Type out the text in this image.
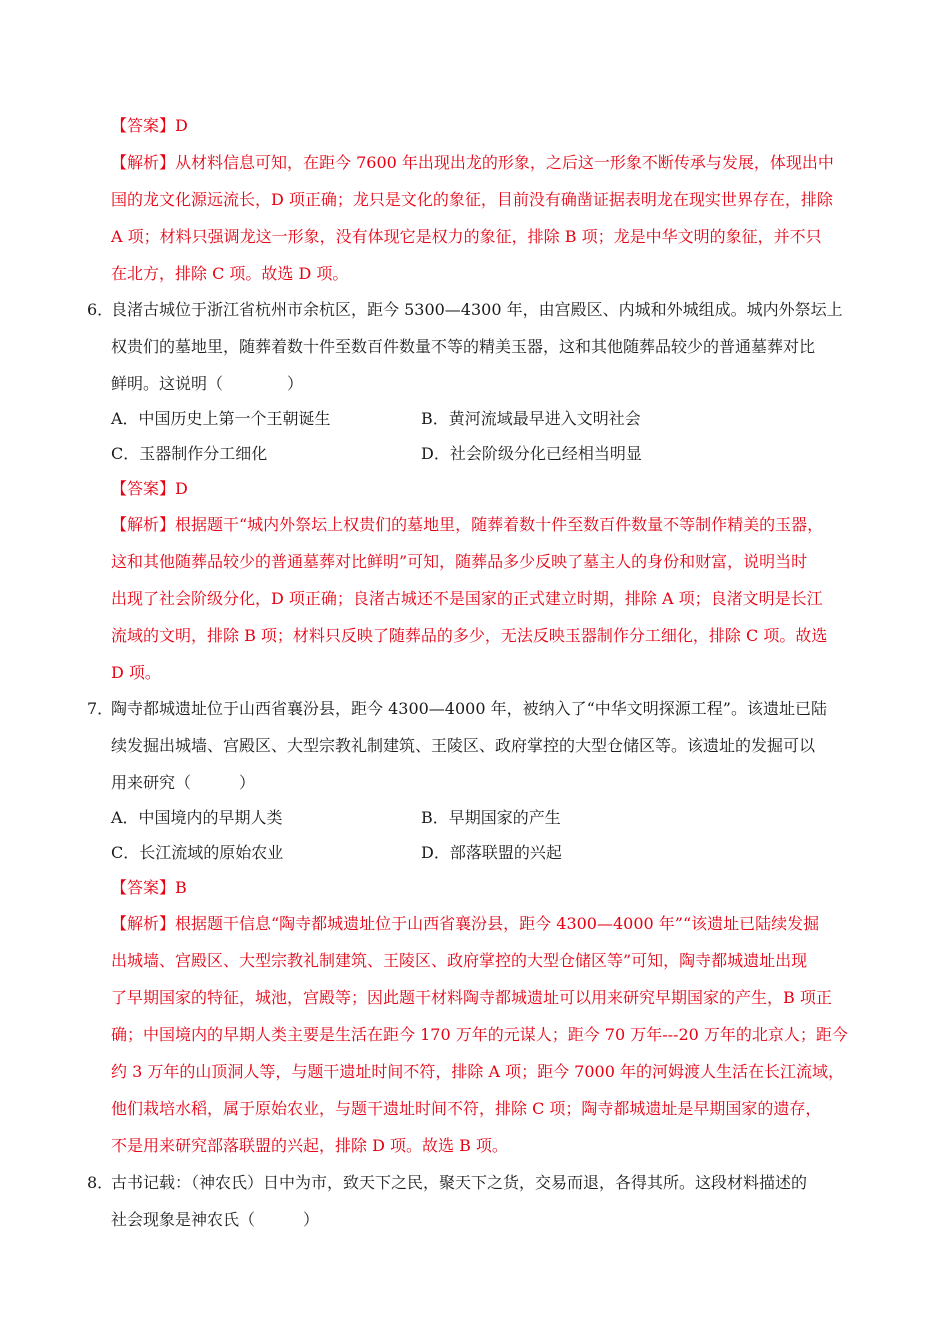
【答案】D
【解析】从材料信息可知，在距今 7600 年出现出龙的形象，之后这一形象不断传承与发展，体现出中
国的龙文化源远流长，D 项正确；龙只是文化的象征，目前没有确凿证据表明龙在现实世界存在，排除
A 项；材料只强调龙这一形象，没有体现它是权力的象征，排除 B 项；龙是中华文明的象征，并不只
在北方，排除 C 项。故选 D 项。
6．
良渚古城位于浙江省杭州市余杭区，距今 5300—4300 年，由宫殿区、内城和外城组成。城内外祭坛上
权贵们的墓地里，随葬着数十件至数百件数量不等的精美玉器，这和其他随葬品较少的普通墓葬对比
鲜明。这说明（　　　　）
A．中国历史上第一个王朝诞生	B．黄河流域最早进入文明社会
C．玉器制作分工细化	D．社会阶级分化已经相当明显
【答案】D
【解析】根据题干“城内外祭坛上权贵们的墓地里，随葬着数十件至数百件数量不等制作精美的玉器，
这和其他随葬品较少的普通墓葬对比鲜明”可知，随葬品多少反映了墓主人的身份和财富，说明当时
出现了社会阶级分化，D 项正确；良渚古城还不是国家的正式建立时期，排除 A 项；良渚文明是长江
流域的文明，排除 B 项；材料只反映了随葬品的多少，无法反映玉器制作分工细化，排除 C 项。故选
D 项。
7．
陶寺都城遗址位于山西省襄汾县，距今 4300—4000 年，被纳入了“中华文明探源工程”。该遗址已陆
续发掘出城墙、宫殿区、大型宗教礼制建筑、王陵区、政府掌控的大型仓储区等。该遗址的发掘可以
用来研究（　　　）
A．中国境内的早期人类	B．早期国家的产生
C．长江流域的原始农业	D．部落联盟的兴起
【答案】B
【解析】根据题干信息“陶寺都城遗址位于山西省襄汾县，距今 4300—4000 年”“该遗址已陆续发掘
出城墙、宫殿区、大型宗教礼制建筑、王陵区、政府掌控的大型仓储区等”可知，陶寺都城遗址出现
了早期国家的特征，城池，宫殿等；因此题干材料陶寺都城遗址可以用来研究早期国家的产生，B 项正
确；中国境内的早期人类主要是生活在距今 170 万年的元谋人；距今 70 万年---20 万年的北京人；距今
约 3 万年的山顶洞人等，与题干遗址时间不符，排除 A 项；距今 7000 年的河姆渡人生活在长江流域，
他们栽培水稻，属于原始农业，与题干遗址时间不符，排除 C 项；陶寺都城遗址是早期国家的遗存，
不是用来研究部落联盟的兴起，排除 D 项。故选 B 项。
8．
古书记载：（神农氏）日中为市，致天下之民，聚天下之货，交易而退，各得其所。这段材料描述的
社会现象是神农氏（　　　）
